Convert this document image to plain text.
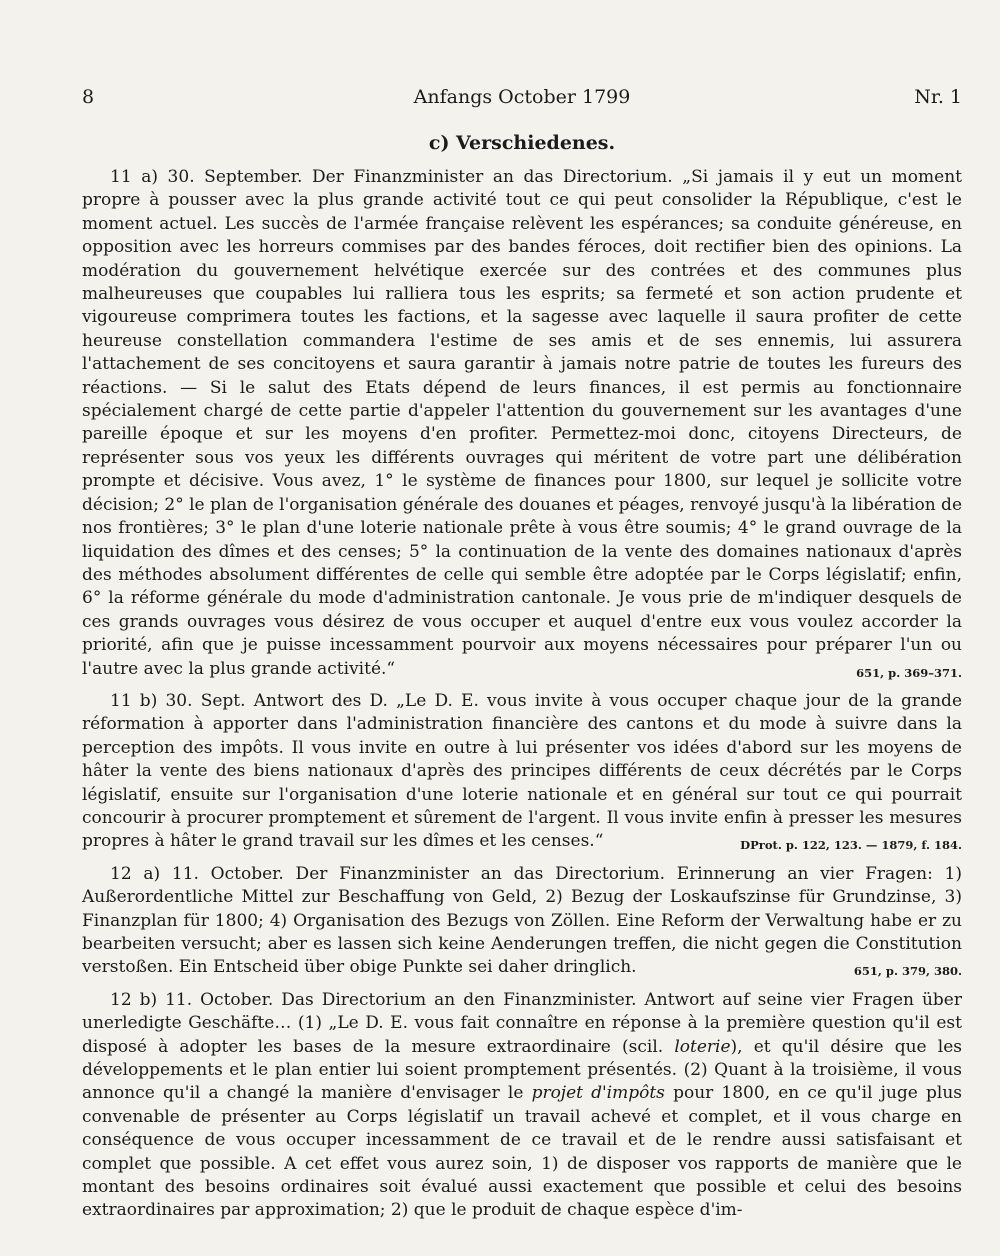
8	Anfangs October 1799	Nr. 1
c) Verschiedenes.

11 a) 30. September. Der Finanzminister an das Directorium. „Si jamais il y eut un moment propre à pousser avec la plus grande activité tout ce qui peut consolider la République, c'est le moment actuel. Les succès de l'armée française relèvent les espérances; sa conduite généreuse, en opposition avec les horreurs commises par des bandes féroces, doit rectifier bien des opinions. La modération du gouvernement helvétique exercée sur des contrées et des communes plus malheureuses que coupables lui ralliera tous les esprits; sa fermeté et son action prudente et vigoureuse comprimera toutes les factions, et la sagesse avec laquelle il saura profiter de cette heureuse constellation commandera l'estime de ses amis et de ses ennemis, lui assurera l'attachement de ses concitoyens et saura garantir à jamais notre patrie de toutes les fureurs des réactions. — Si le salut des Etats dépend de leurs finances, il est permis au fonctionnaire spécialement chargé de cette partie d'appeler l'attention du gouvernement sur les avantages d'une pareille époque et sur les moyens d'en profiter. Permettez-moi donc, citoyens Directeurs, de représenter sous vos yeux les différents ouvrages qui méritent de votre part une délibération prompte et décisive. Vous avez, 1° le système de finances pour 1800, sur lequel je sollicite votre décision; 2° le plan de l'organisation générale des douanes et péages, renvoyé jusqu'à la libération de nos frontières; 3° le plan d'une loterie nationale prête à vous être soumis; 4° le grand ouvrage de la liquidation des dîmes et des censes; 5° la continuation de la vente des domaines nationaux d'après des méthodes absolument différentes de celle qui semble être adoptée par le Corps législatif; enfin, 6° la réforme générale du mode d'administration cantonale. Je vous prie de m'indiquer desquels de ces grands ouvrages vous désirez de vous occuper et auquel d'entre eux vous voulez accorder la priorité, afin que je puisse incessamment pourvoir aux moyens nécessaires pour préparer l'un ou l'autre avec la plus grande activité.“	651, p. 369–371.

11 b) 30. Sept. Antwort des D. „Le D. E. vous invite à vous occuper chaque jour de la grande réformation à apporter dans l'administration financière des cantons et du mode à suivre dans la perception des impôts. Il vous invite en outre à lui présenter vos idées d'abord sur les moyens de hâter la vente des biens nationaux d'après des principes différents de ceux décrétés par le Corps législatif, ensuite sur l'organisation d'une loterie nationale et en général sur tout ce qui pourrait concourir à procurer promptement et sûrement de l'argent. Il vous invite enfin à presser les mesures propres à hâter le grand travail sur les dîmes et les censes.“	DProt. p. 122, 123. — 1879, f. 184.

12 a) 11. October. Der Finanzminister an das Directorium. Erinnerung an vier Fragen: 1) Außerordentliche Mittel zur Beschaffung von Geld, 2) Bezug der Loskaufszinse für Grundzinse, 3) Finanzplan für 1800; 4) Organisation des Bezugs von Zöllen. Eine Reform der Verwaltung habe er zu bearbeiten versucht; aber es lassen sich keine Aenderungen treffen, die nicht gegen die Constitution verstoßen. Ein Entscheid über obige Punkte sei daher dringlich.	651, p. 379, 380.

12 b) 11. October. Das Directorium an den Finanzminister. Antwort auf seine vier Fragen über unerledigte Geschäfte… (1) „Le D. E. vous fait connaître en réponse à la première question qu'il est disposé à adopter les bases de la mesure extraordinaire (scil. loterie), et qu'il désire que les développements et le plan entier lui soient promptement présentés. (2) Quant à la troisième, il vous annonce qu'il a changé la manière d'envisager le projet d'impôts pour 1800, en ce qu'il juge plus convenable de présenter au Corps législatif un travail achevé et complet, et il vous charge en conséquence de vous occuper incessamment de ce travail et de le rendre aussi satisfaisant et complet que possible. A cet effet vous aurez soin, 1) de disposer vos rapports de manière que le montant des besoins ordinaires soit évalué aussi exactement que possible et celui des besoins extraordinaires par approximation; 2) que le produit de chaque espèce d'im-
